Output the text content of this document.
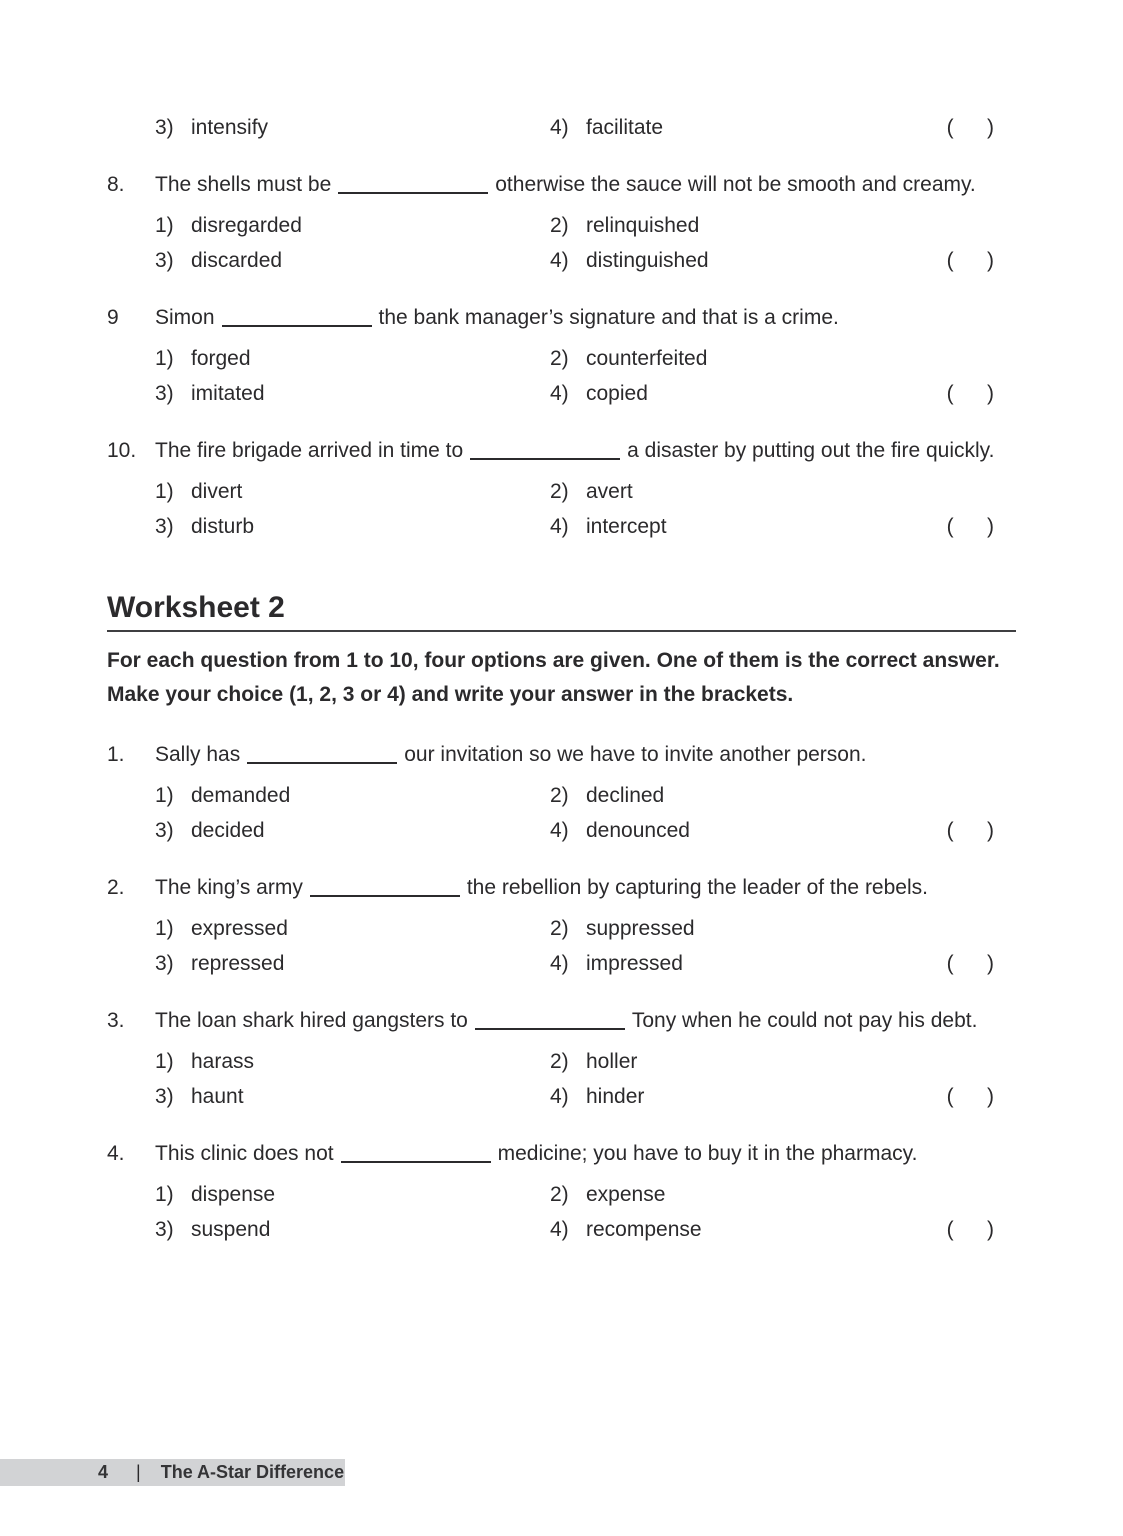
3) intensify	4) facilitate	(    )
8.	The shells must be	otherwise the sauce will not be smooth and creamy.
1) disregarded	2) relinquished
3) discarded	4) distinguished	(    )
9	Simon	the bank manager’s signature and that is a crime.
1) forged	2) counterfeited
3) imitated	4) copied	(    )
10. The fire brigade arrived in time to	a disaster by putting out the fire quickly.
1) divert	2) avert
3) disturb	4) intercept	(    )
Worksheet 2

For each question from 1 to 10, four options are given. One of them is the correct answer. Make your choice (1, 2, 3 or 4) and write your answer in the brackets.

1.	Sally has	our invitation so we have to invite another person.
1) demanded	2) declined
3) decided	4) denounced	(    )
2.	The king’s army	the rebellion by capturing the leader of the rebels.
1) expressed	2) suppressed
3) repressed	4) impressed	(    )
3.	The loan shark hired gangsters to	Tony when he could not pay his debt.
1) harass	2) holler
3) haunt	4) hinder	(    )
4.	This clinic does not	medicine; you have to buy it in the pharmacy.
1) dispense	2) expense
3) suspend	4) recompense	(    )
4 | The A-Star Difference
